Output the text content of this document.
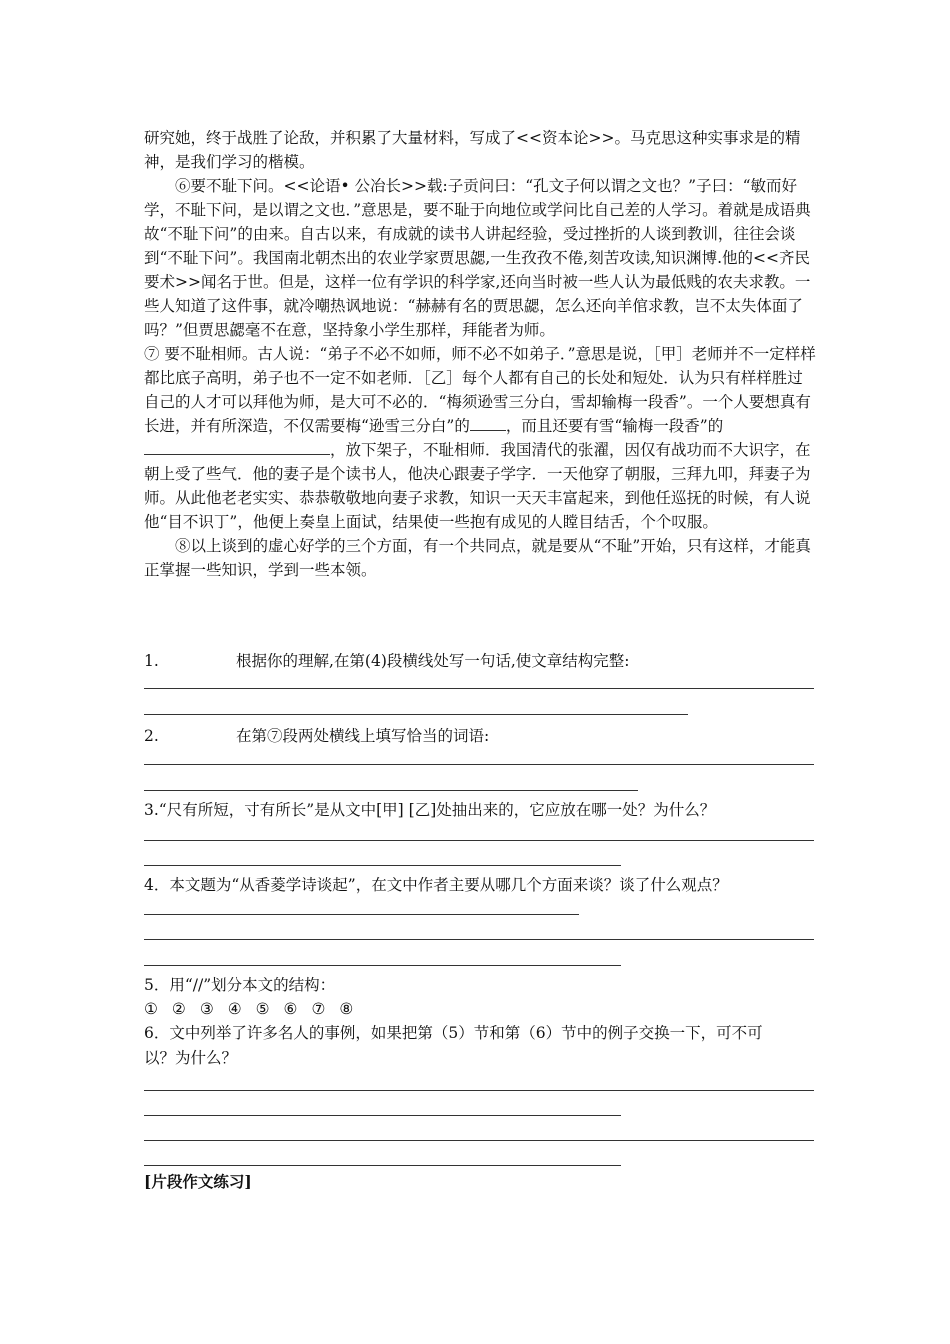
研究她，终于战胜了论敌，并积累了大量材料，写成了<<资本论>>。马克思这种实事求是的精神，是我们学习的楷模。

⑥要不耻下问。<<论语• 公冶长>>载:子贡问曰：“孔文子何以谓之文也？”子曰：“敏而好学，不耻下问，是以谓之文也．”意思是，要不耻于向地位或学问比自己差的人学习。着就是成语典故“不耻下问”的由来。自古以来，有成就的读书人讲起经验，受过挫折的人谈到教训，往往会谈到“不耻下问”。我国南北朝杰出的农业学家贾思勰,一生孜孜不倦,刻苦攻读,知识渊博.他的<<齐民要术>>闻名于世。但是，这样一位有学识的科学家,还向当时被一些人认为最低贱的农夫求教。一些人知道了这件事，就冷嘲热讽地说：“赫赫有名的贾思勰，怎么还向羊倌求教，岂不太失体面了吗？”但贾思勰毫不在意，坚持象小学生那样，拜能者为师。

⑦ 要不耻相师。古人说：“弟子不必不如师，师不必不如弟子．”意思是说，［甲］老师并不一定样样都比底子高明，弟子也不一定不如老师．［乙］每个人都有自己的长处和短处．认为只有样样胜过自己的人才可以拜他为师，是大可不必的．“梅须逊雪三分白，雪却输梅一段香”。一个人要想真有长进，并有所深造，不仅需要梅“逊雪三分白”的 ，而且还要有雪“输梅一段香”的，放下架子，不耻相师．我国清代的张濯，因仅有战功而不大识字，在朝上受了些气．他的妻子是个读书人，他决心跟妻子学字．一天他穿了朝服，三拜九叩，拜妻子为师。从此他老老实实、恭恭敬敬地向妻子求教，知识一天天丰富起来，到他任巡抚的时候，有人说他“目不识丁”，他便上奏皇上面试，结果使一些抱有成见的人瞠目结舌，个个叹服。

⑧以上谈到的虚心好学的三个方面，有一个共同点，就是要从“不耻”开始，只有这样，才能真正掌握一些知识，学到一些本领。

1.	根据你的理解,在第(4)段横线处写一句话,使文章结构完整:
2.	在第⑦段两处横线上填写恰当的词语:
3.“尺有所短，寸有所长”是从文中[甲] [乙]处抽出来的，它应放在哪一处？为什么？
4．本文题为“从香菱学诗谈起”，在文中作者主要从哪几个方面来谈？谈了什么观点？
5．用“//”划分本文的结构：
① ② ③ ④ ⑤ ⑥ ⑦ ⑧
6．文中列举了许多名人的事例，如果把第（5）节和第（6）节中的例子交换一下，可不可
以？为什么？
[片段作文练习]
